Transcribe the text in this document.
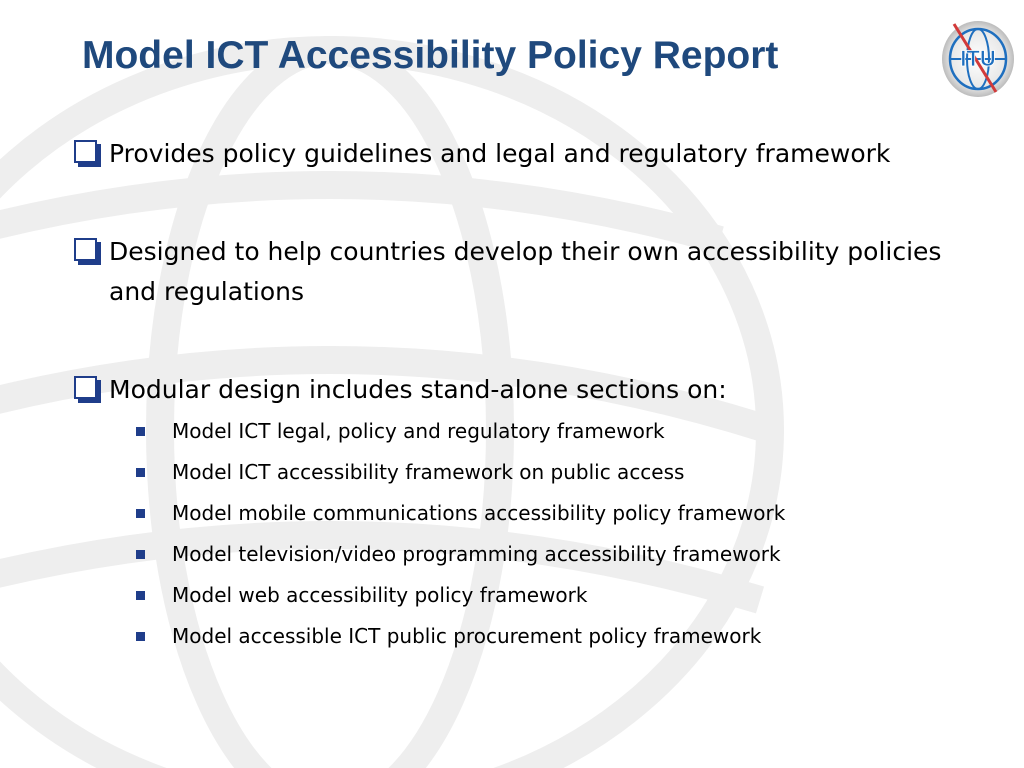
ITU
Model ICT Accessibility Policy Report
Provides policy guidelines and legal and regulatory framework
Designed to help countries develop their own accessibility policies and regulations
Modular design includes stand-alone sections on:
Model ICT legal, policy and regulatory framework
Model ICT accessibility framework on public access
Model mobile communications accessibility policy framework
Model television/video programming accessibility framework
Model web accessibility policy framework
Model accessible ICT public procurement policy framework
